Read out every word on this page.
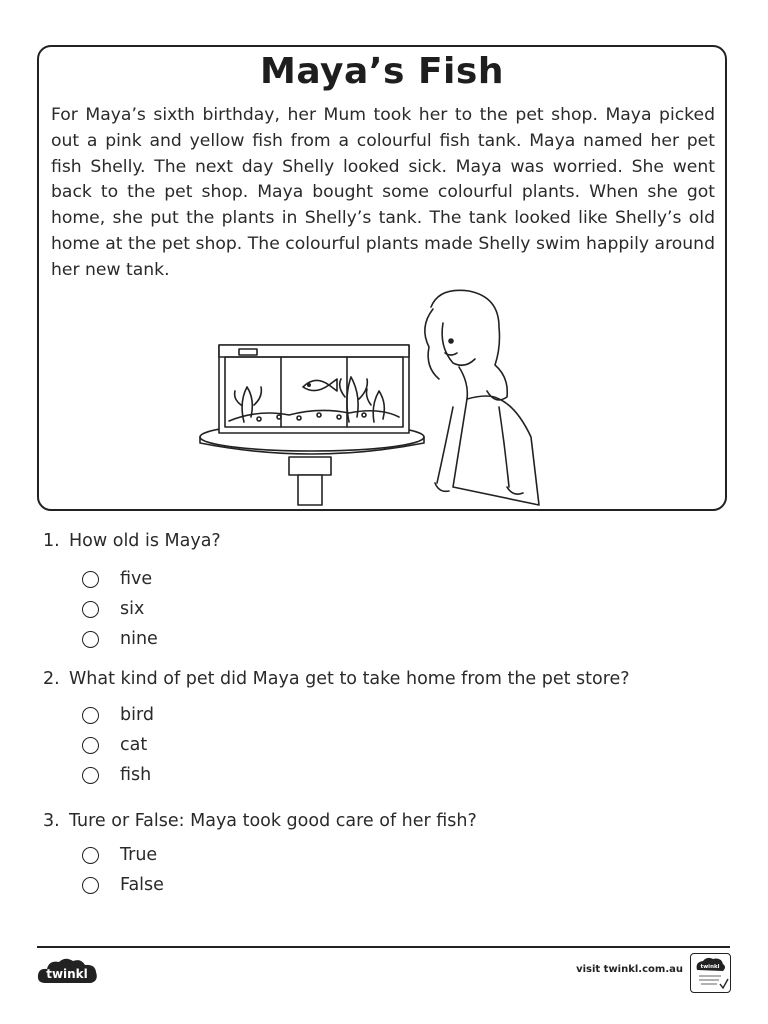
Maya’s Fish

For Maya’s sixth birthday, her Mum took her to the pet shop. Maya picked out a pink and yellow fish from a colourful fish tank. Maya named her pet fish Shelly. The next day Shelly looked sick. Maya was worried. She went back to the pet shop. Maya bought some colourful plants. When she got home, she put the plants in Shelly’s tank. The tank looked like Shelly’s old home at the pet shop. The colourful plants made Shelly swim happily around her new tank.

1. How old is Maya?
five
six
nine
2. What kind of pet did Maya get to take home from the pet store?
bird
cat
fish
3. Ture or False: Maya took good care of her fish?
True
False
twinkl	visit twinkl.com.au	twinkl
